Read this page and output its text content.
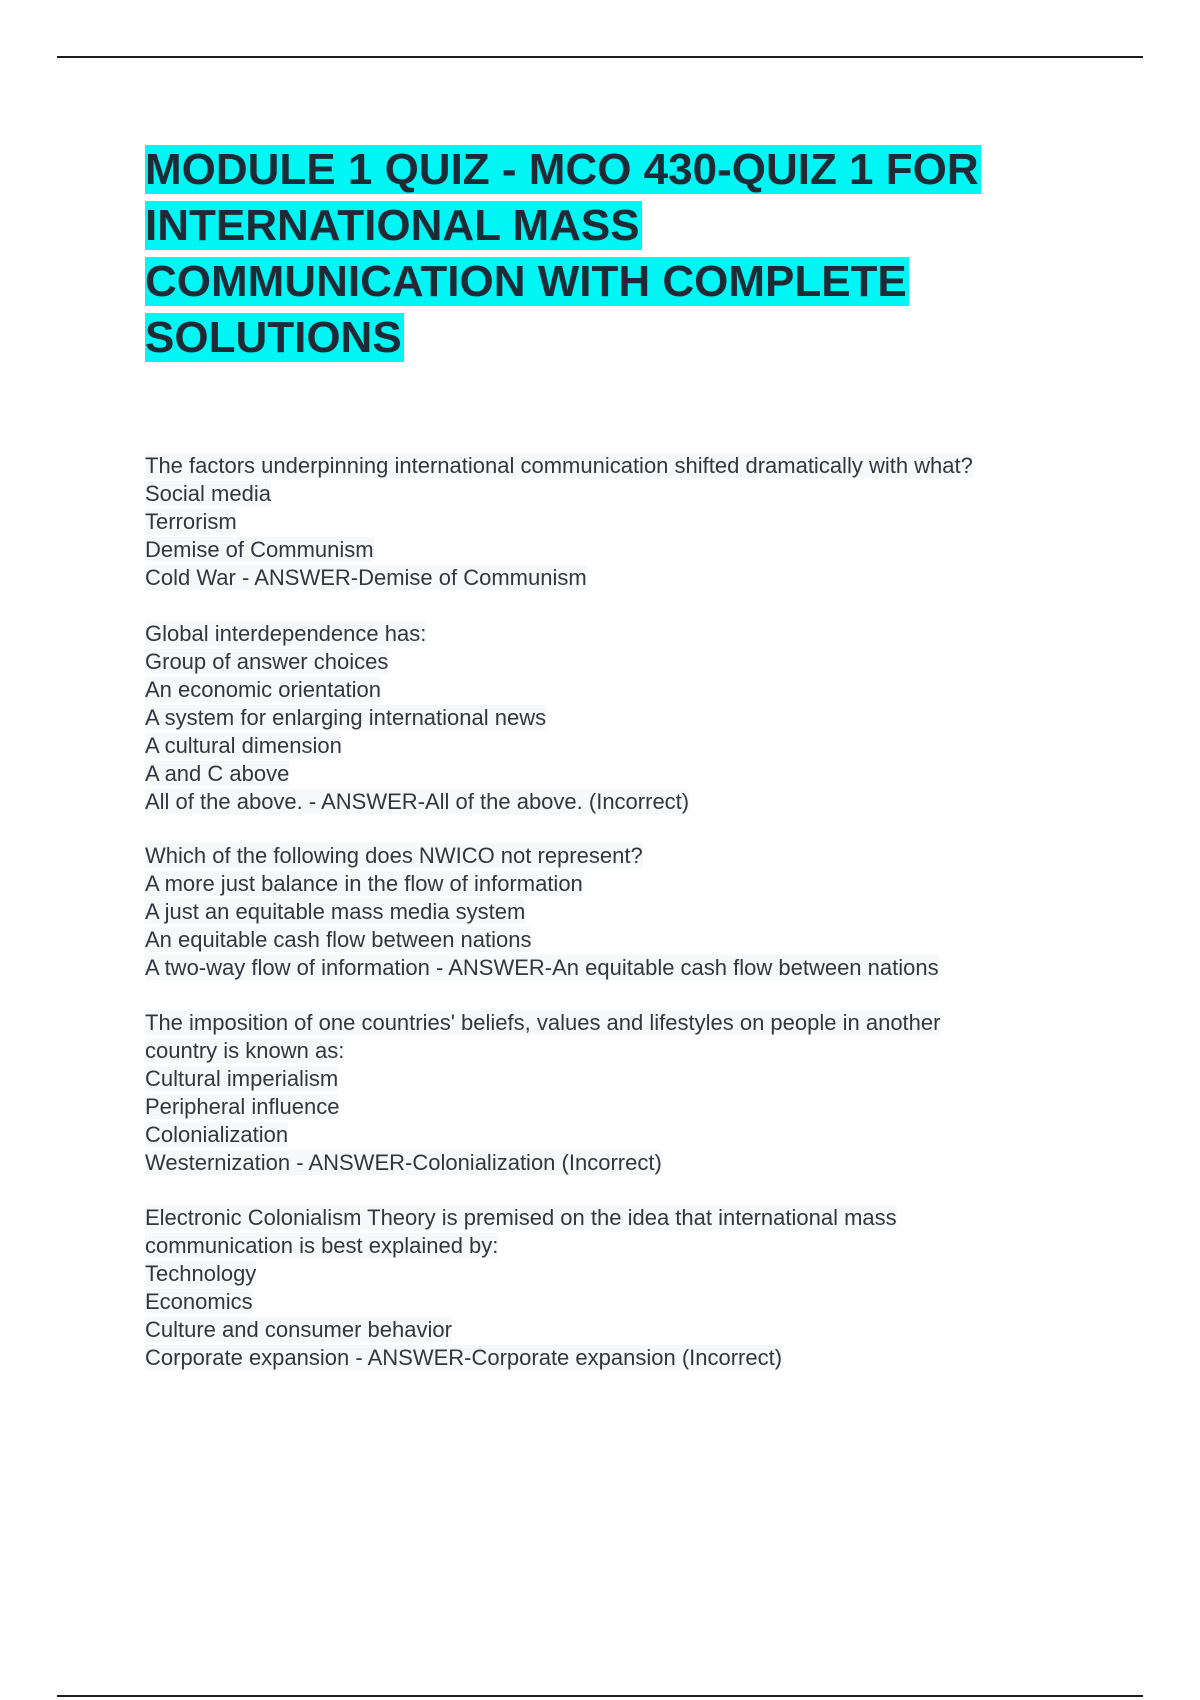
MODULE 1 QUIZ - MCO 430-QUIZ 1 FOR
INTERNATIONAL MASS
COMMUNICATION WITH COMPLETE
SOLUTIONS
The factors underpinning international communication shifted dramatically with what?
Social media
Terrorism
Demise of Communism
Cold War - ANSWER-Demise of Communism
Global interdependence has:
Group of answer choices
An economic orientation
A system for enlarging international news
A cultural dimension
A and C above
All of the above. - ANSWER-All of the above. (Incorrect)
Which of the following does NWICO not represent?
A more just balance in the flow of information
A just an equitable mass media system
An equitable cash flow between nations
A two-way flow of information - ANSWER-An equitable cash flow between nations
The imposition of one countries' beliefs, values and lifestyles on people in another
country is known as:
Cultural imperialism
Peripheral influence
Colonialization
Westernization - ANSWER-Colonialization (Incorrect)
Electronic Colonialism Theory is premised on the idea that international mass
communication is best explained by:
Technology
Economics
Culture and consumer behavior
Corporate expansion - ANSWER-Corporate expansion (Incorrect)
